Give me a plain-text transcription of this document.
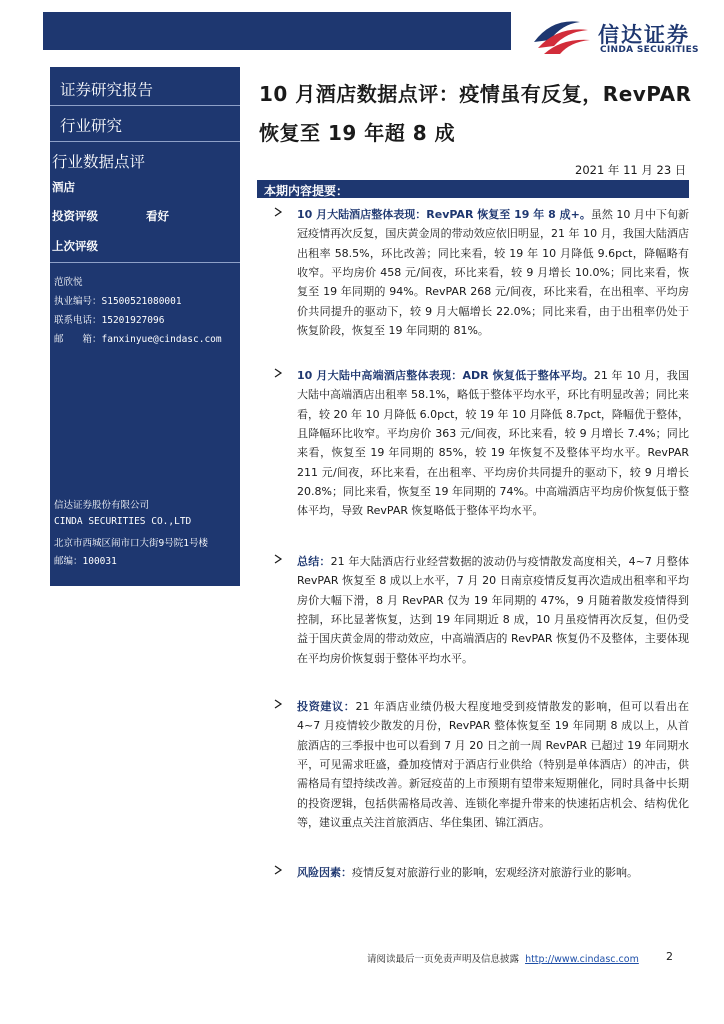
信达证券
CINDA SECURITIES
证券研究报告
行业研究
行业数据点评
酒店
投资评级	看好
上次评级
范欣悦
执业编号：S1500521080001
联系电话：15201927096
邮　　箱：fanxinyue@cindasc.com
信达证券股份有限公司
CINDA SECURITIES CO.,LTD
北京市西城区闹市口大街9号院1号楼
邮编：100031
10 月酒店数据点评：疫情虽有反复，RevPAR
恢复至 19 年超 8 成
2021 年 11 月 23 日
本期内容提要：
10 月大陆酒店整体表现：RevPAR 恢复至 19 年 8 成+。虽然 10 月中下旬新冠疫情再次反复，国庆黄金周的带动效应依旧明显，21 年 10 月，我国大陆酒店出租率 58.5%，环比改善；同比来看，较 19 年 10 月降低 9.6pct，降幅略有收窄。平均房价 458 元/间夜，环比来看，较 9 月增长 10.0%；同比来看，恢复至 19 年同期的 94%。RevPAR 268 元/间夜，环比来看，在出租率、平均房价共同提升的驱动下，较 9 月大幅增长 22.0%；同比来看，由于出租率仍处于恢复阶段，恢复至 19 年同期的 81%。
10 月大陆中高端酒店整体表现：ADR 恢复低于整体平均。21 年 10 月，我国大陆中高端酒店出租率 58.1%，略低于整体平均水平，环比有明显改善；同比来看，较 20 年 10 月降低 6.0pct，较 19 年 10 月降低 8.7pct，降幅优于整体，且降幅环比收窄。平均房价 363 元/间夜，环比来看，较 9 月增长 7.4%；同比来看，恢复至 19 年同期的 85%，较 19 年恢复不及整体平均水平。RevPAR 211 元/间夜，环比来看，在出租率、平均房价共同提升的驱动下，较 9 月增长 20.8%；同比来看，恢复至 19 年同期的 74%。中高端酒店平均房价恢复低于整体平均，导致 RevPAR 恢复略低于整体平均水平。
总结：21 年大陆酒店行业经营数据的波动仍与疫情散发高度相关，4~7 月整体 RevPAR 恢复至 8 成以上水平，7 月 20 日南京疫情反复再次造成出租率和平均房价大幅下滑，8 月 RevPAR 仅为 19 年同期的 47%，9 月随着散发疫情得到控制，环比显著恢复，达到 19 年同期近 8 成，10 月虽疫情再次反复，但仍受益于国庆黄金周的带动效应，中高端酒店的 RevPAR 恢复仍不及整体，主要体现在平均房价恢复弱于整体平均水平。
投资建议：21 年酒店业绩仍极大程度地受到疫情散发的影响，但可以看出在 4~7 月疫情较少散发的月份，RevPAR 整体恢复至 19 年同期 8 成以上，从首旅酒店的三季报中也可以看到 7 月 20 日之前一周 RevPAR 已超过 19 年同期水平，可见需求旺盛，叠加疫情对于酒店行业供给（特别是单体酒店）的冲击，供需格局有望持续改善。新冠疫苗的上市预期有望带来短期催化，同时具备中长期的投资逻辑，包括供需格局改善、连锁化率提升带来的快速拓店机会、结构优化等，建议重点关注首旅酒店、华住集团、锦江酒店。
风险因素：疫情反复对旅游行业的影响，宏观经济对旅游行业的影响。
请阅读最后一页免责声明及信息披露 http://www.cindasc.com 2
